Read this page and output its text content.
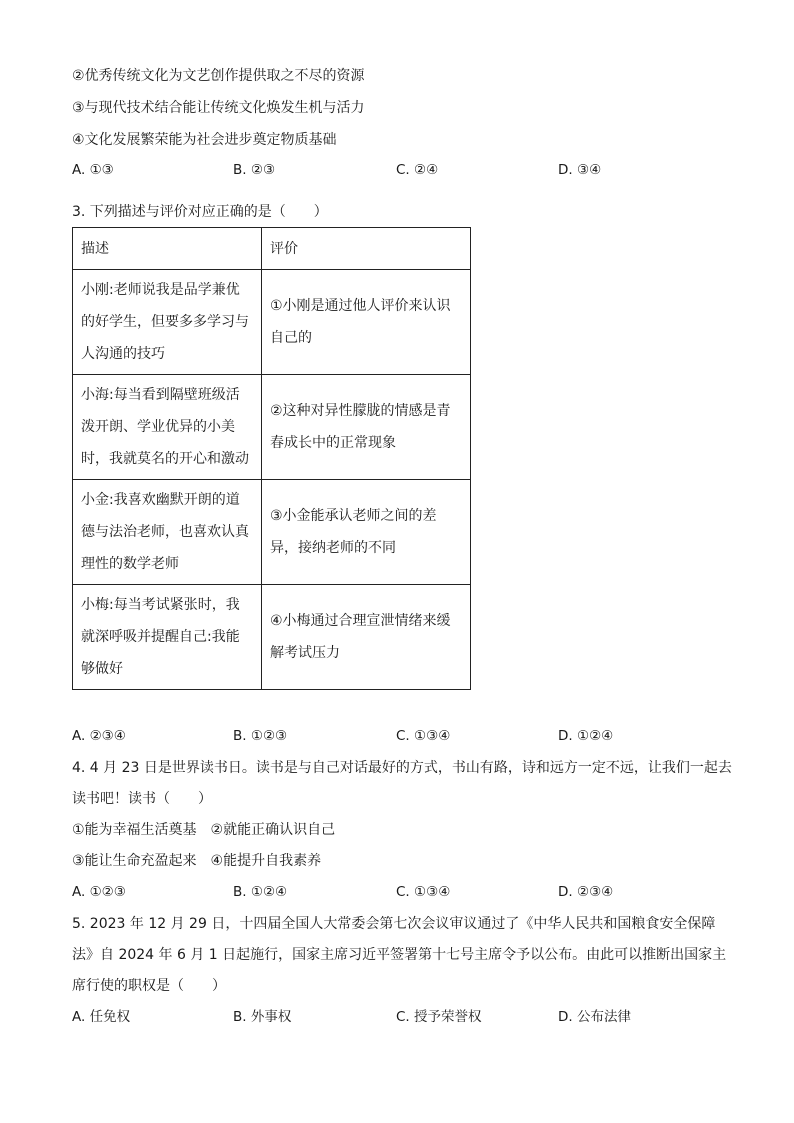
②优秀传统文化为文艺创作提供取之不尽的资源
③与现代技术结合能让传统文化焕发生机与活力
④文化发展繁荣能为社会进步奠定物质基础
A. ①③	B. ②③	C. ②④	D. ③④
3. 下列描述与评价对应正确的是（　　）
描述	评价

小刚:老师说我是品学兼优的好学生，但要多多学习与人沟通的技巧	①小刚是通过他人评价来认识自己的

小海:每当看到隔壁班级活泼开朗、学业优异的小美时，我就莫名的开心和激动	②这种对异性朦胧的情感是青春成长中的正常现象

小金:我喜欢幽默开朗的道德与法治老师，也喜欢认真理性的数学老师	③小金能承认老师之间的差异，接纳老师的不同

小梅:每当考试紧张时，我就深呼吸并提醒自己:我能够做好	④小梅通过合理宣泄情绪来缓解考试压力
A. ②③④	B. ①②③	C. ①③④	D. ①②④
4. 4 月 23 日是世界读书日。读书是与自己对话最好的方式，书山有路，诗和远方一定不远，让我们一起去
读书吧！读书（　　）
①能为幸福生活奠基　②就能正确认识自己
③能让生命充盈起来　④能提升自我素养
A. ①②③	B. ①②④	C. ①③④	D. ②③④
5. 2023 年 12 月 29 日，十四届全国人大常委会第七次会议审议通过了《中华人民共和国粮食安全保障
法》自 2024 年 6 月 1 日起施行，国家主席习近平签署第十七号主席令予以公布。由此可以推断出国家主
席行使的职权是（　　）
A. 任免权	B. 外事权	C. 授予荣誉权	D. 公布法律
